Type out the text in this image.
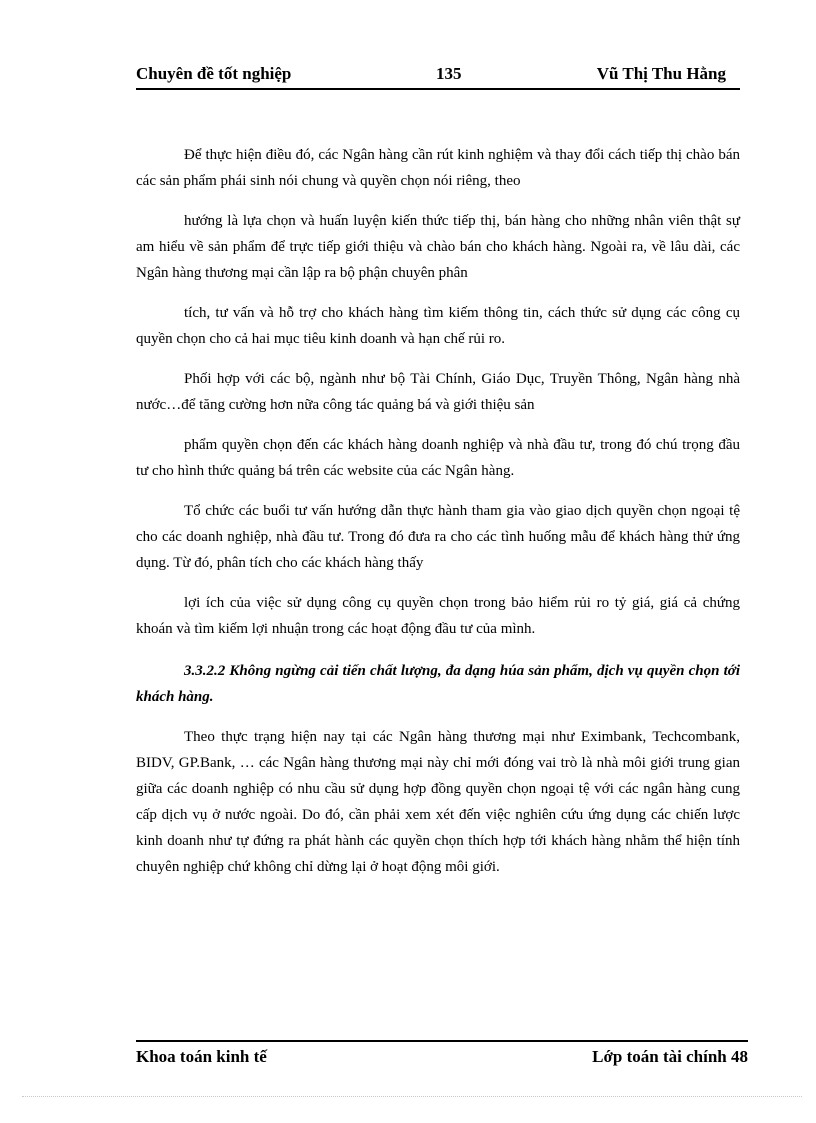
Chuyên đề tốt nghiệp	135	Vũ Thị Thu Hằng

Để thực hiện điều đó, các Ngân hàng cần rút kinh nghiệm và thay đổi cách tiếp thị chào bán các sản phẩm phái sinh nói chung và quyền chọn nói riêng, theo

hướng là lựa chọn và huấn luyện kiến thức tiếp thị, bán hàng cho những nhân viên thật sự am hiểu về sản phẩm để trực tiếp giới thiệu và chào bán cho khách hàng. Ngoài ra, về lâu dài, các Ngân hàng thương mại cần lập ra bộ phận chuyên phân

tích, tư vấn và hỗ trợ cho khách hàng tìm kiếm thông tin, cách thức sử dụng các công cụ quyền chọn cho cả hai mục tiêu kinh doanh và hạn chế rủi ro.

Phối hợp với các bộ, ngành như bộ Tài Chính, Giáo Dục, Truyền Thông, Ngân hàng nhà nước…để tăng cường hơn nữa công tác quảng bá và giới thiệu sản

phẩm quyền chọn đến các khách hàng doanh nghiệp và nhà đầu tư, trong đó chú trọng đầu tư cho hình thức quảng bá trên các website của các Ngân hàng.

Tổ chức các buổi tư vấn hướng dẫn thực hành tham gia vào giao dịch quyền chọn ngoại tệ cho các doanh nghiệp, nhà đầu tư. Trong đó đưa ra cho các tình huống mẫu để khách hàng thử ứng dụng. Từ đó, phân tích cho các khách hàng thấy

lợi ích của việc sử dụng công cụ quyền chọn trong bảo hiểm rủi ro tỷ giá, giá cả chứng khoán và tìm kiếm lợi nhuận trong các hoạt động đầu tư của mình.

3.3.2.2 Không ngừng cải tiến chất lượng, đa dạng húa sản phẩm, dịch vụ quyền chọn tới khách hàng.

Theo thực trạng hiện nay tại các Ngân hàng thương mại như Eximbank, Techcombank, BIDV, GP.Bank, … các Ngân hàng thương mại này chỉ mới đóng vai trò là nhà môi giới trung gian giữa các doanh nghiệp có nhu cầu sử dụng hợp đồng quyền chọn ngoại tệ với các ngân hàng cung cấp dịch vụ ở nước ngoài. Do đó, cần phải xem xét đến việc nghiên cứu ứng dụng các chiến lược kinh doanh như tự đứng ra phát hành các quyền chọn thích hợp tới khách hàng nhằm thể hiện tính chuyên nghiệp chứ không chỉ dừng lại ở hoạt động môi giới.

Khoa toán kinh tế	Lớp toán tài chính 48
